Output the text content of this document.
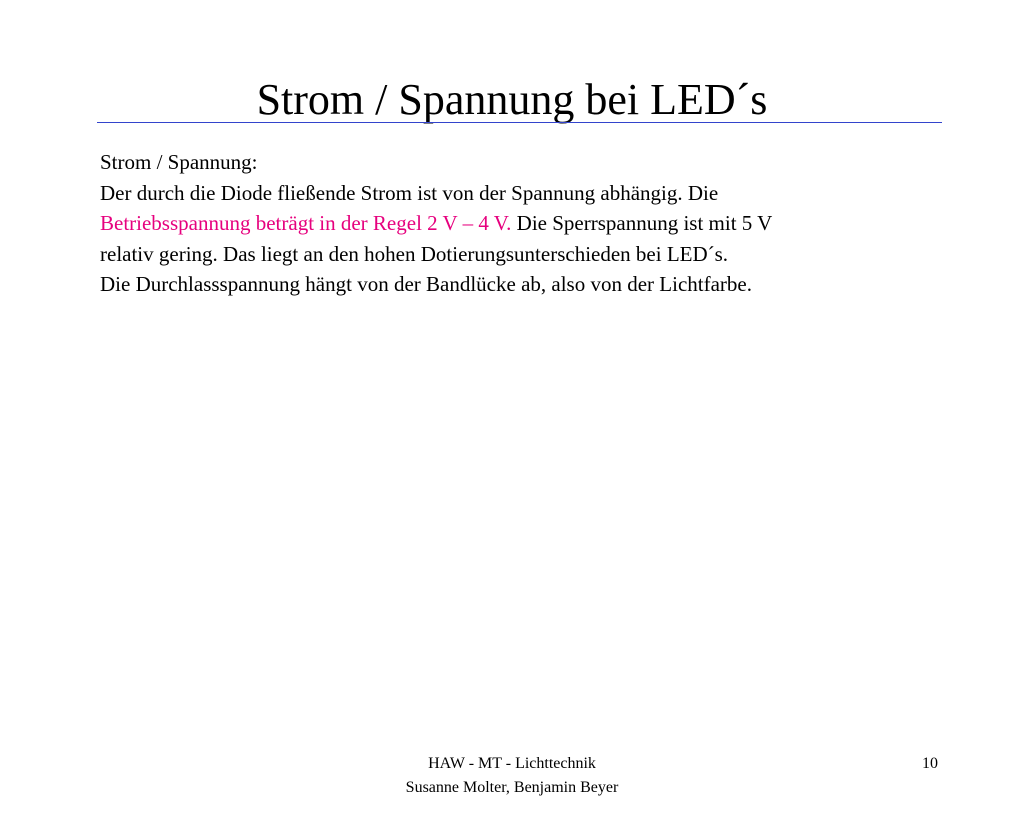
Strom / Spannung bei LED´s

Strom / Spannung:

Der durch die Diode fließende Strom ist von der Spannung abhängig. Die

Betriebsspannung beträgt in der Regel 2 V – 4 V. Die Sperrspannung ist mit 5 V

relativ gering. Das liegt an den hohen Dotierungsunterschieden bei LED´s.

Die Durchlassspannung hängt von der Bandlücke ab, also von der Lichtfarbe.

HAW - MT - Lichttechnik
Susanne Molter, Benjamin Beyer
10
